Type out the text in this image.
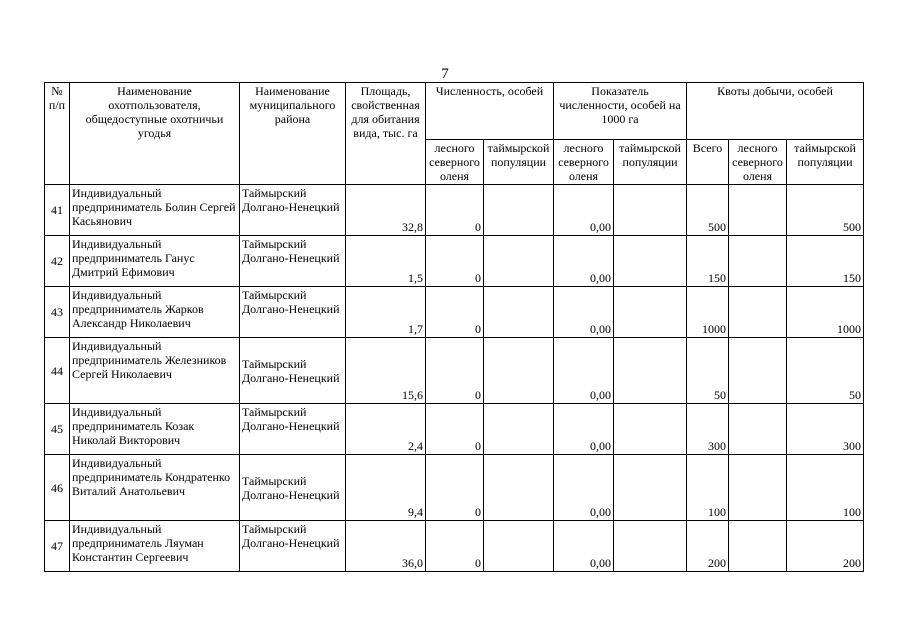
7
№ п/п	Наименование охотпользователя, общедоступные охотничьи угодья	Наименование муниципального района	Площадь, свойственная для обитания вида, тыс. га	Численность, особей		Показатель численности, особей на 1000 га		Квоты добычи, особей		
				лесного северного оленя	таймырской популяции	лесного северного оленя	таймырской популяции	Всего	лесного северного оленя	таймырской популяции
41	Индивидуальный предприниматель Болин Сергей Касьянович	Таймырский Долгано-Ненецкий	32,8	0		0,00		500		500
42	Индивидуальный предприниматель Ганус Дмитрий Ефимович	Таймырский Долгано-Ненецкий	1,5	0		0,00		150		150
43	Индивидуальный предприниматель Жарков Александр Николаевич	Таймырский Долгано-Ненецкий	1,7	0		0,00		1000		1000
44	Индивидуальный предприниматель Железников Сергей Николаевич	Таймырский Долгано-Ненецкий	15,6	0		0,00		50		50
45	Индивидуальный предприниматель Козак Николай Викторович	Таймырский Долгано-Ненецкий	2,4	0		0,00		300		300
46	Индивидуальный предприниматель Кондратенко Виталий Анатольевич	Таймырский Долгано-Ненецкий	9,4	0		0,00		100		100
47	Индивидуальный предприниматель Ляуман Константин Сергеевич	Таймырский Долгано-Ненецкий	36,0	0		0,00		200		200
